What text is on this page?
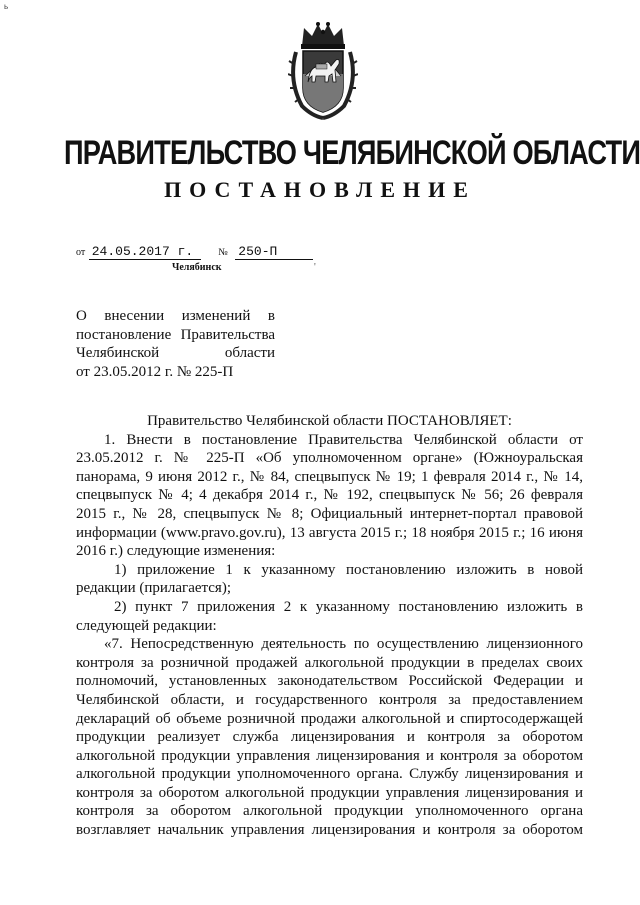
ь
ПРАВИТЕЛЬСТВО ЧЕЛЯБИНСКОЙ ОБЛАСТИ
ПОСТАНОВЛЕНИЕ
от 24.05.2017 г.	№ 250-П
Челябинск	'
О внесении изменений в
постановление Правительства
Челябинской области
от 23.05.2012 г. № 225-П
Правительство Челябинской области ПОСТАНОВЛЯЕТ:
1. Внести в постановление Правительства Челябинской области от
23.05.2012 г. № 225-П «Об уполномоченном органе» (Южноуральская
панорама, 9 июня 2012 г., № 84, спецвыпуск № 19; 1 февраля 2014 г., № 14,
спецвыпуск № 4; 4 декабря 2014 г., № 192, спецвыпуск № 56; 26 февраля
2015 г., № 28, спецвыпуск № 8; Официальный интернет-портал правовой
информации (www.pravo.gov.ru), 13 августа 2015 г.; 18 ноября 2015 г.; 16 июня
2016 г.) следующие изменения:
1) приложение 1 к указанному постановлению изложить в новой
редакции (прилагается);
2) пункт 7 приложения 2 к указанному постановлению изложить в
следующей редакции:
«7. Непосредственную деятельность по осуществлению лицензионного
контроля за розничной продажей алкогольной продукции в пределах своих
полномочий, установленных законодательством Российской Федерации и
Челябинской области, и государственного контроля за предоставлением
деклараций об объеме розничной продажи алкогольной и спиртосодержащей
продукции реализует служба лицензирования и контроля за оборотом
алкогольной продукции управления лицензирования и контроля за оборотом
алкогольной продукции уполномоченного органа. Службу лицензирования и
контроля за оборотом алкогольной продукции управления лицензирования и
контроля за оборотом алкогольной продукции уполномоченного органа
возглавляет начальник управления лицензирования и контроля за оборотом
